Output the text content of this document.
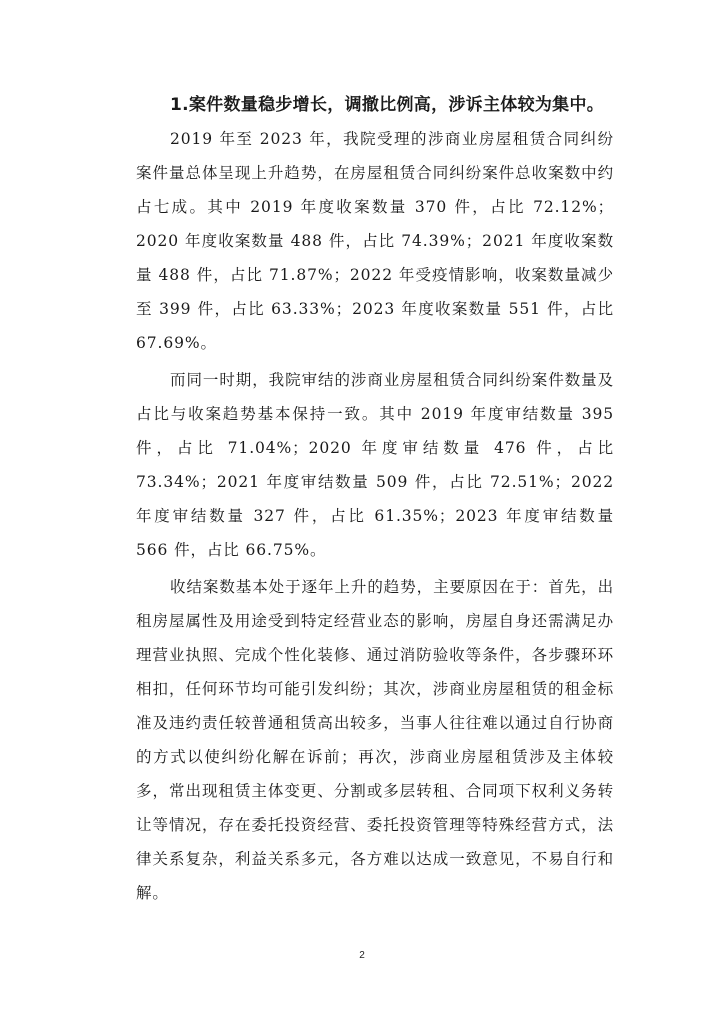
1.案件数量稳步增长，调撤比例高，涉诉主体较为集中。

2019 年至 2023 年，我院受理的涉商业房屋租赁合同纠纷案件量总体呈现上升趋势，在房屋租赁合同纠纷案件总收案数中约占七成。其中 2019 年度收案数量 370 件，占比 72.12%；2020 年度收案数量 488 件，占比 74.39%；2021 年度收案数量 488 件，占比 71.87%；2022 年受疫情影响，收案数量减少至 399 件，占比 63.33%；2023 年度收案数量 551 件，占比 67.69%。

而同一时期，我院审结的涉商业房屋租赁合同纠纷案件数量及占比与收案趋势基本保持一致。其中 2019 年度审结数量 395 件，占比 71.04%；2020 年度审结数量 476 件，占比 73.34%；2021 年度审结数量 509 件，占比 72.51%；2022 年度审结数量 327 件，占比 61.35%；2023 年度审结数量 566 件，占比 66.75%。

收结案数基本处于逐年上升的趋势，主要原因在于：首先，出租房屋属性及用途受到特定经营业态的影响，房屋自身还需满足办理营业执照、完成个性化装修、通过消防验收等条件，各步骤环环相扣，任何环节均可能引发纠纷；其次，涉商业房屋租赁的租金标准及违约责任较普通租赁高出较多，当事人往往难以通过自行协商的方式以使纠纷化解在诉前；再次，涉商业房屋租赁涉及主体较多，常出现租赁主体变更、分割或多层转租、合同项下权利义务转让等情况，存在委托投资经营、委托投资管理等特殊经营方式，法律关系复杂，利益关系多元，各方难以达成一致意见，不易自行和解。

2
